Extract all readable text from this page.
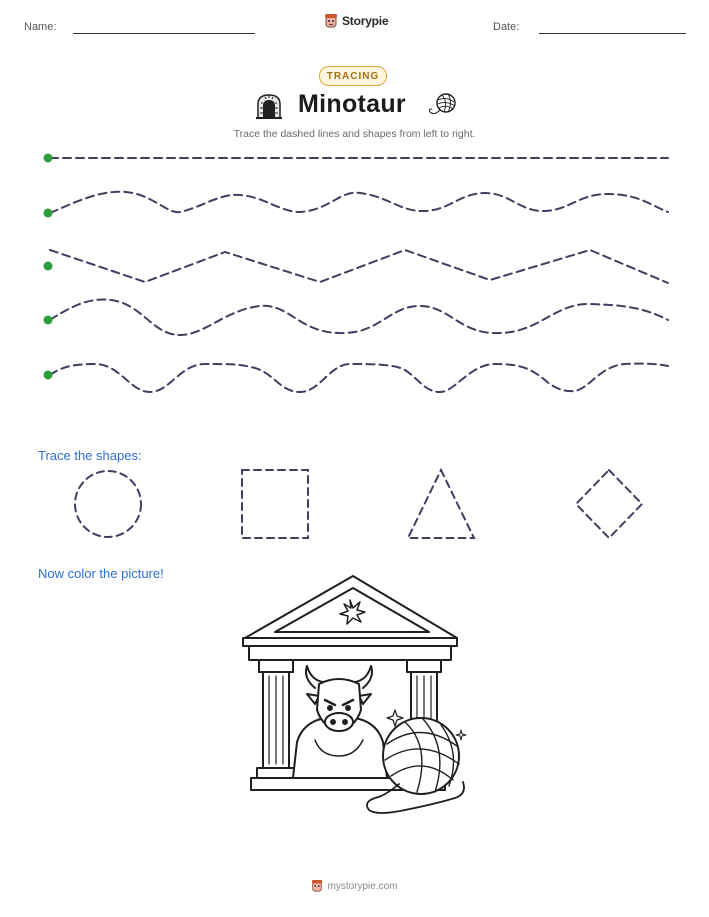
Name:	Storypie	Date:
TRACING
Minotaur
Trace the dashed lines and shapes from left to right.
Trace the shapes:
Now color the picture!
mystorypie.com
